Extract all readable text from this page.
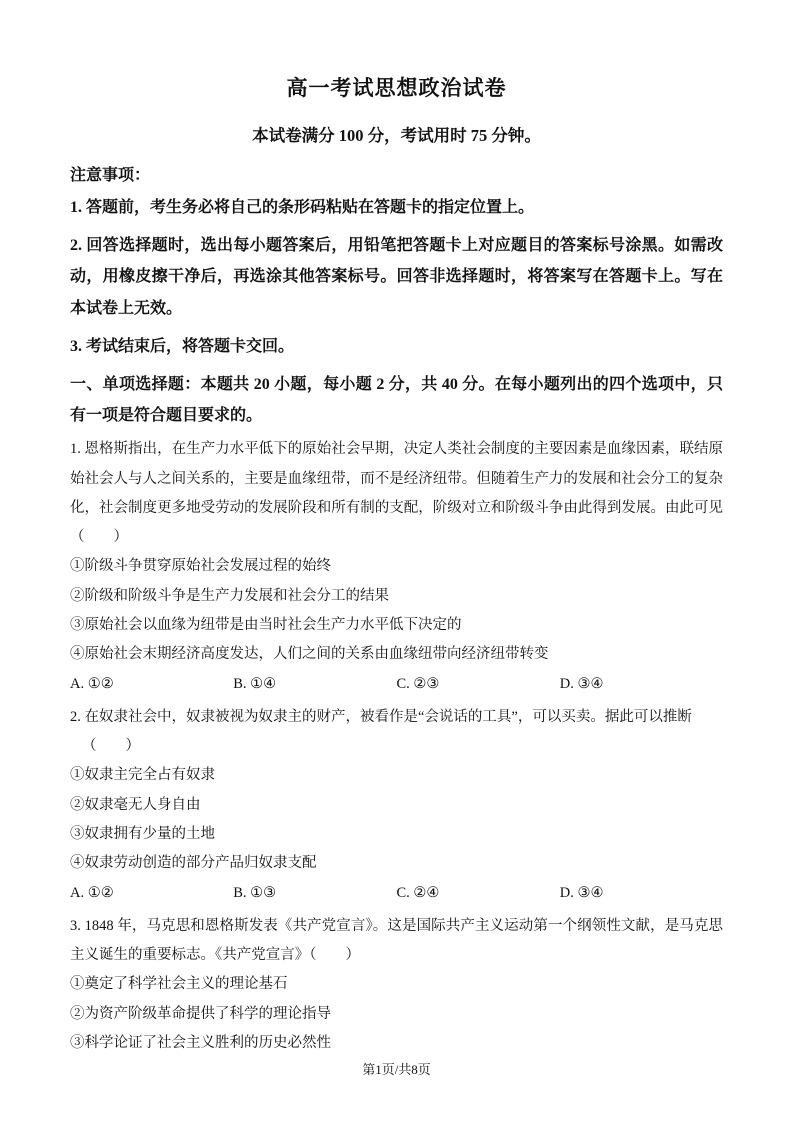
高一考试思想政治试卷
本试卷满分 100 分，考试用时 75 分钟。
注意事项：

1. 答题前，考生务必将自己的条形码粘贴在答题卡的指定位置上。

2. 回答选择题时，选出每小题答案后，用铅笔把答题卡上对应题目的答案标号涂黑。如需改动，用橡皮擦干净后，再选涂其他答案标号。回答非选择题时，将答案写在答题卡上。写在本试卷上无效。

3. 考试结束后，将答题卡交回。

一、单项选择题：本题共 20 小题，每小题 2 分，共 40 分。在每小题列出的四个选项中，只有一项是符合题目要求的。

1. 恩格斯指出，在生产力水平低下的原始社会早期，决定人类社会制度的主要因素是血缘因素，联结原始社会人与人之间关系的，主要是血缘纽带，而不是经济纽带。但随着生产力的发展和社会分工的复杂化，社会制度更多地受劳动的发展阶段和所有制的支配，阶级对立和阶级斗争由此得到发展。由此可见（　　）

①阶级斗争贯穿原始社会发展过程的始终

②阶级和阶级斗争是生产力发展和社会分工的结果

③原始社会以血缘为纽带是由当时社会生产力水平低下决定的

④原始社会末期经济高度发达，人们之间的关系由血缘纽带向经济纽带转变

A. ①②	B. ①④	C. ②③	D. ③④

2. 在奴隶社会中，奴隶被视为奴隶主的财产，被看作是“会说话的工具”，可以买卖。据此可以推断

（　　）

①奴隶主完全占有奴隶

②奴隶毫无人身自由

③奴隶拥有少量的土地

④奴隶劳动创造的部分产品归奴隶支配

A. ①②	B. ①③	C. ②④	D. ③④

3. 1848 年，马克思和恩格斯发表《共产党宣言》。这是国际共产主义运动第一个纲领性文献，是马克思主义诞生的重要标志。《共产党宣言》（　　）

①奠定了科学社会主义的理论基石

②为资产阶级革命提供了科学的理论指导

③科学论证了社会主义胜利的历史必然性

第1页/共8页
